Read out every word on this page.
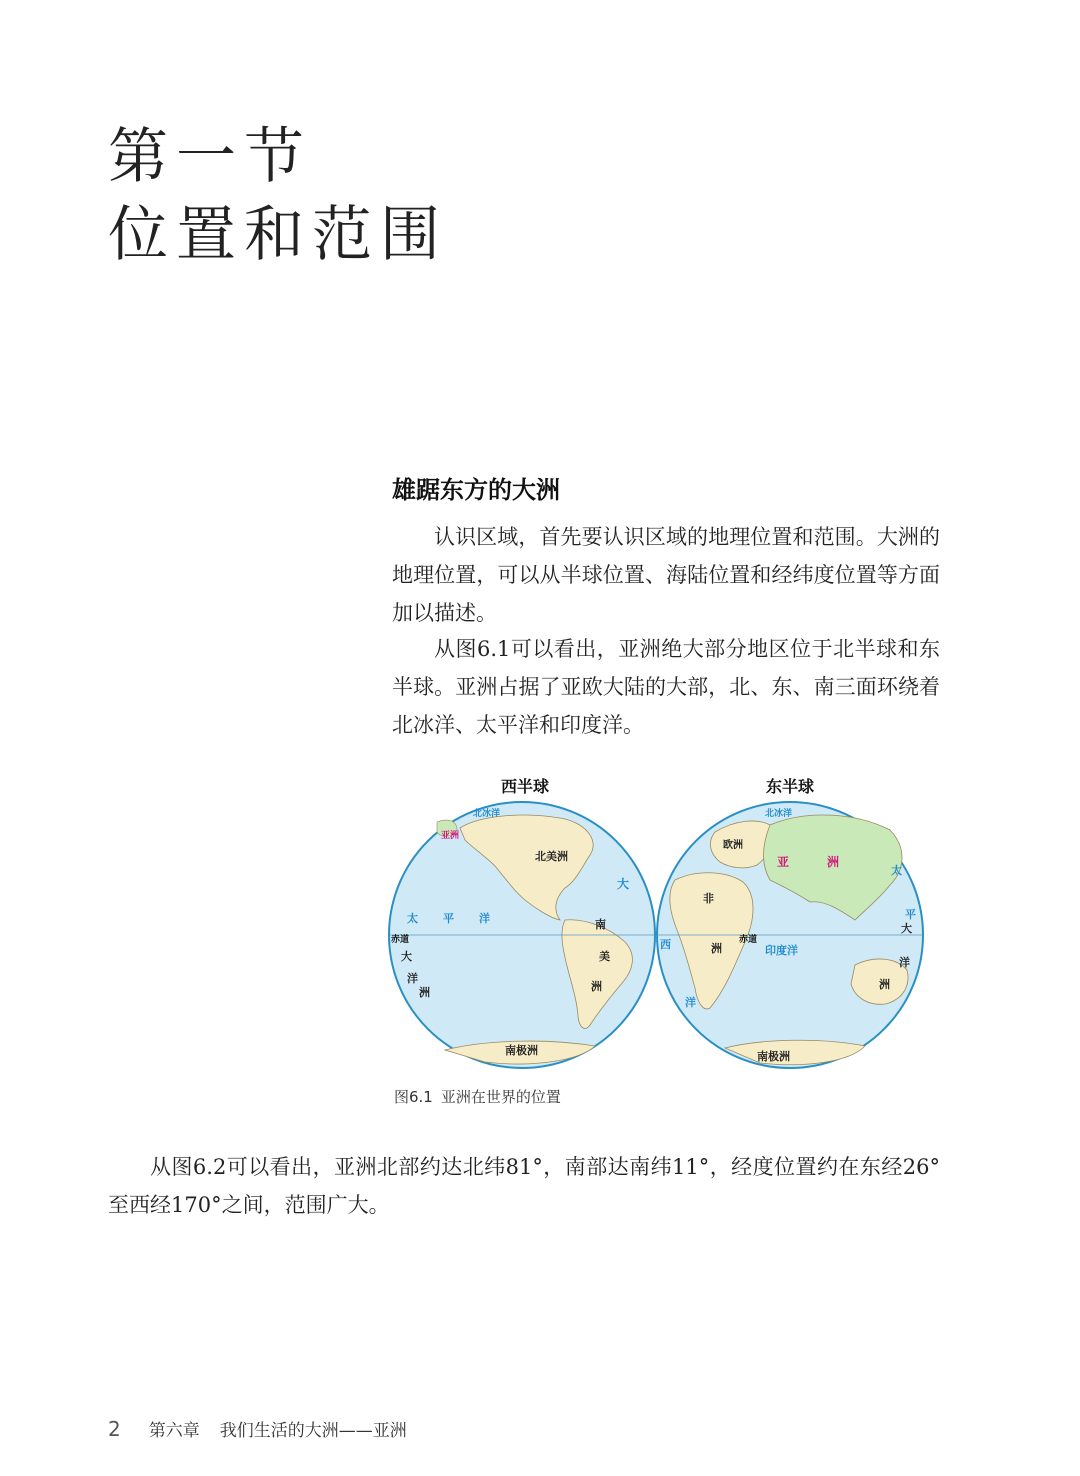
第一节
位置和范围
雄踞东方的大洲

认识区域，首先要认识区域的地理位置和范围。大洲的地理位置，可以从半球位置、海陆位置和经纬度位置等方面加以描述。

从图6.1可以看出，亚洲绝大部分地区位于北半球和东半球。亚洲占据了亚欧大陆的大部，北、东、南三面环绕着北冰洋、太平洋和印度洋。

西半球	东半球
北美洲
南
美
洲
南极洲
亚洲
赤道
太 平 洋
大
大
洋
洲
北冰洋
欧洲
亚	洲
非
洲
西	赤道
印度洋
洋
南极洲
大
洋
洲
太
平
北冰洋
图6.1 亚洲在世界的位置

从图6.2可以看出，亚洲北部约达北纬81°，南部达南纬11°，经度位置约在东经26°至西经170°之间，范围广大。

2 第六章 我们生活的大洲——亚洲
